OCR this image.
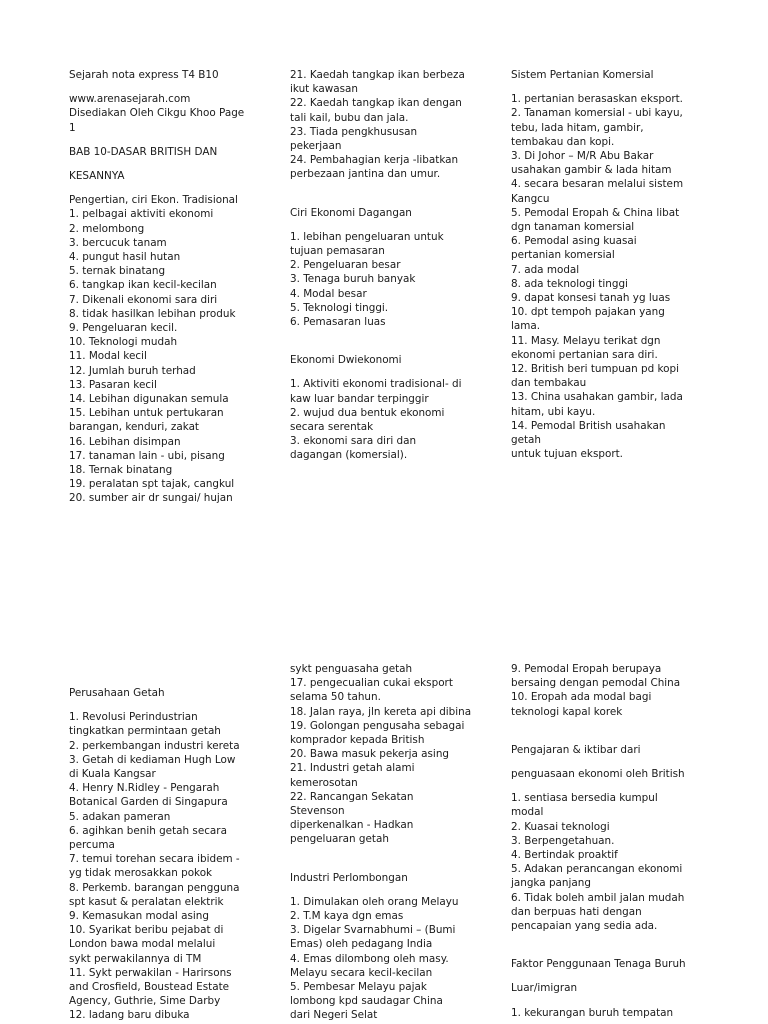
Sejarah nota express T4 B10

www.arenasejarah.com
Disediakan Oleh Cikgu Khoo Page
1

BAB 10-DASAR BRITISH DAN

KESANNYA

Pengertian, ciri Ekon. Tradisional
1. pelbagai aktiviti ekonomi
2. melombong
3. bercucuk tanam
4. pungut hasil hutan
5. ternak binatang
6. tangkap ikan kecil-kecilan
7. Dikenali ekonomi sara diri
8. tidak hasilkan lebihan produk
9. Pengeluaran kecil.
10. Teknologi mudah
11. Modal kecil
12. Jumlah buruh terhad
13. Pasaran kecil
14. Lebihan digunakan semula
15. Lebihan untuk pertukaran
barangan, kenduri, zakat
16. Lebihan disimpan
17. tanaman lain - ubi, pisang
18. Ternak binatang
19. peralatan spt tajak, cangkul
20. sumber air dr sungai/ hujan

21. Kaedah tangkap ikan berbeza
ikut kawasan
22. Kaedah tangkap ikan dengan
tali kail, bubu dan jala.
23. Tiada pengkhususan
pekerjaan
24. Pembahagian kerja -libatkan
perbezaan jantina dan umur.

Ciri Ekonomi Dagangan

1. lebihan pengeluaran untuk
tujuan pemasaran
2. Pengeluaran besar
3. Tenaga buruh banyak
4. Modal besar
5. Teknologi tinggi.
6. Pemasaran luas

Ekonomi Dwiekonomi

1. Aktiviti ekonomi tradisional- di
kaw luar bandar terpinggir
2. wujud dua bentuk ekonomi
secara serentak
3. ekonomi sara diri dan
dagangan (komersial).

Sistem Pertanian Komersial

1. pertanian berasaskan eksport.
2. Tanaman komersial - ubi kayu,
tebu, lada hitam, gambir,
tembakau dan kopi.
3. Di Johor – M/R Abu Bakar
usahakan gambir & lada hitam
4. secara besaran melalui sistem
Kangcu
5. Pemodal Eropah & China libat
dgn tanaman komersial
6. Pemodal asing kuasai
pertanian komersial
7. ada modal
8. ada teknologi tinggi
9. dapat konsesi tanah yg luas
10. dpt tempoh pajakan yang
lama.
11. Masy. Melayu terikat dgn
ekonomi pertanian sara diri.
12. British beri tumpuan pd kopi
dan tembakau
13. China usahakan gambir, lada
hitam, ubi kayu.
14. Pemodal British usahakan
getah
untuk tujuan eksport.

Perusahaan Getah

1. Revolusi Perindustrian
tingkatkan permintaan getah
2. perkembangan industri kereta
3. Getah di kediaman Hugh Low
di Kuala Kangsar
4. Henry N.Ridley - Pengarah
Botanical Garden di Singapura
5. adakan pameran
6. agihkan benih getah secara
percuma
7. temui torehan secara ibidem -
yg tidak merosakkan pokok
8. Perkemb. barangan pengguna
spt kasut & peralatan elektrik
9. Kemasukan modal asing
10. Syarikat beribu pejabat di
London bawa modal melalui
sykt perwakilannya di TM
11. Sykt perwakilan - Harirsons
and Crosfield, Boustead Estate
Agency, Guthrie, Sime Darby
12. ladang baru dibuka

sykt penguasaha getah
17. pengecualian cukai eksport
selama 50 tahun.
18. Jalan raya, jln kereta api dibina
19. Golongan pengusaha sebagai
komprador kepada British
20. Bawa masuk pekerja asing
21. Industri getah alami
kemerosotan
22. Rancangan Sekatan
Stevenson
diperkenalkan - Hadkan
pengeluaran getah

Industri Perlombongan

1. Dimulakan oleh orang Melayu
2. T.M kaya dgn emas
3. Digelar Svarnabhumi – (Bumi
Emas) oleh pedagang India
4. Emas dilombong oleh masy.
Melayu secara kecil-kecilan
5. Pembesar Melayu pajak
lombong kpd saudagar China
dari Negeri Selat

9. Pemodal Eropah berupaya
bersaing dengan pemodal China
10. Eropah ada modal bagi
teknologi kapal korek

Pengajaran & iktibar dari

penguasaan ekonomi oleh British

1. sentiasa bersedia kumpul
modal
2. Kuasai teknologi
3. Berpengetahuan.
4. Bertindak proaktif
5. Adakan perancangan ekonomi
jangka panjang
6. Tidak boleh ambil jalan mudah
dan berpuas hati dengan
pencapaian yang sedia ada.

Faktor Penggunaan Tenaga Buruh

Luar/imigran

1. kekurangan buruh tempatan
